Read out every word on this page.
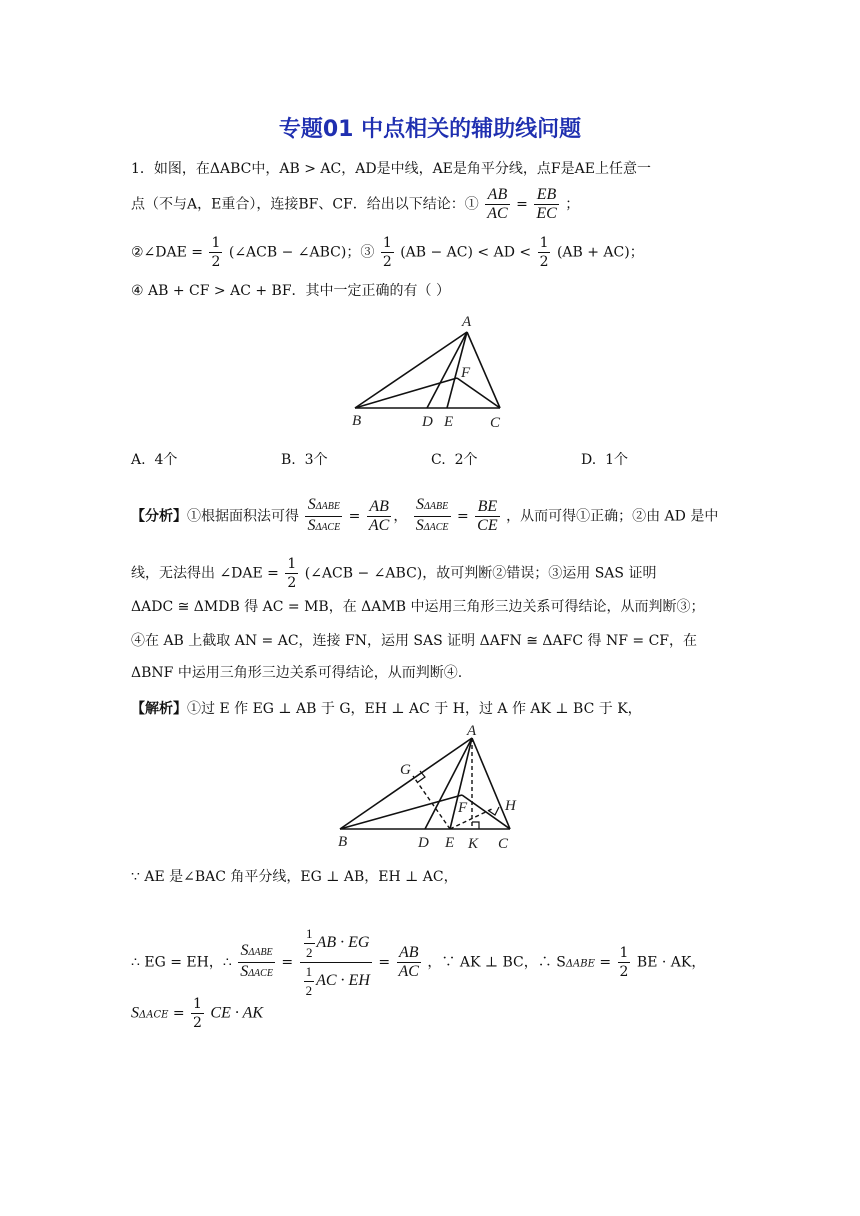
专题01 中点相关的辅助线问题
1．如图，在ΔABC中，AB > AC，AD是中线，AE是角平分线，点F是AE上任意一
点（不与A，E重合），连接BF、CF．给出以下结论：① $\frac{AB}{AC} = \frac{EB}{EC}$ ；
②∠DAE = $\frac{1}{2}$ (∠ACB − ∠ABC)；③ $\frac{1}{2} (AB - AC)$ < AD < $\frac{1}{2} (AB + AC)$；
④ AB + CF > AC + BF．其中一定正确的有（ ）
A
F
B	D E C
A. 4个	B. 3个	C. 2个	D. 1个
【分析】①根据面积法可得 $\frac{\text{SΔABE}}{\text{SΔACE}} = \frac{AB}{AC}$ ， $\frac{\text{SΔABE}}{\text{SΔACE}} = \frac{BE}{CE}$ ，从而可得①正确；②由 AD 是中
线，无法得出 ∠DAE = $\frac{1}{2}$ (∠ACB − ∠ABC)，故可判断②错误；③运用 SAS 证明
ΔADC ≅ ΔMDB 得 AC = MB，在 ΔAMB 中运用三角形三边关系可得结论，从而判断③；
④在 AB 上截取 AN = AC，连接 FN，运用 SAS 证明 ΔAFN ≅ ΔAFC 得 NF = CF，在
ΔBNF 中运用三角形三边关系可得结论，从而判断④.
【解析】①过 E 作 EG ⊥ AB 于 G，EH ⊥ AC 于 H，过 A 作 AK ⊥ BC 于 K，
A
G
F	H
B	D E K C
∵ AE 是∠BAC 角平分线，EG ⊥ AB，EH ⊥ AC，
∴ EG = EH，∴ $\frac{\text{SΔABE}}{\text{SΔACE}} = \frac{\frac{1}{2} AB \cdot EG}{\frac{1}{2} AC \cdot EH} = \frac{AB}{AC}$ ，∵ AK ⊥ BC，∴ $S\Delta ABE = \frac{1}{2}$ BE · AK，
$S\Delta ACE = \frac{1}{2}$ CE · AK
